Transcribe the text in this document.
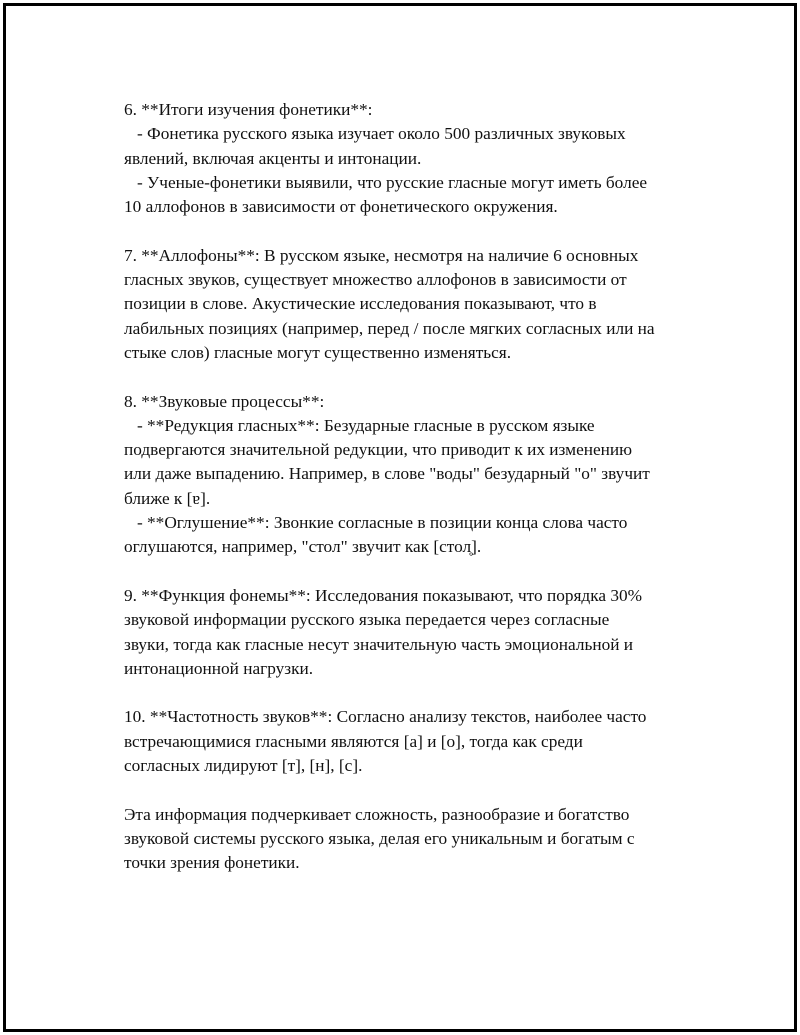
6. **Итоги изучения фонетики**:
- Фонетика русского языка изучает около 500 различных звуковых
явлений, включая акценты и интонации.
- Ученые-фонетики выявили, что русские гласные могут иметь более
10 аллофонов в зависимости от фонетического окружения.
7. **Аллофоны**: В русском языке, несмотря на наличие 6 основных
гласных звуков, существует множество аллофонов в зависимости от
позиции в слове. Акустические исследования показывают, что в
лабильных позициях (например, перед / после мягких согласных или на
стыке слов) гласные могут существенно изменяться.
8. **Звуковые процессы**:
- **Редукция гласных**: Безударные гласные в русском языке
подвергаются значительной редукции, что приводит к их изменению
или даже выпадению. Например, в слове "воды" безударный "о" звучит
ближе к [ɐ].
- **Оглушение**: Звонкие согласные в позиции конца слова часто
оглушаются, например, "стол" звучит как [стол̥].
9. **Функция фонемы**: Исследования показывают, что порядка 30%
звуковой информации русского языка передается через согласные
звуки, тогда как гласные несут значительную часть эмоциональной и
интонационной нагрузки.
10. **Частотность звуков**: Согласно анализу текстов, наиболее часто
встречающимися гласными являются [а] и [о], тогда как среди
согласных лидируют [т], [н], [с].
Эта информация подчеркивает сложность, разнообразие и богатство
звуковой системы русского языка, делая его уникальным и богатым с
точки зрения фонетики.
